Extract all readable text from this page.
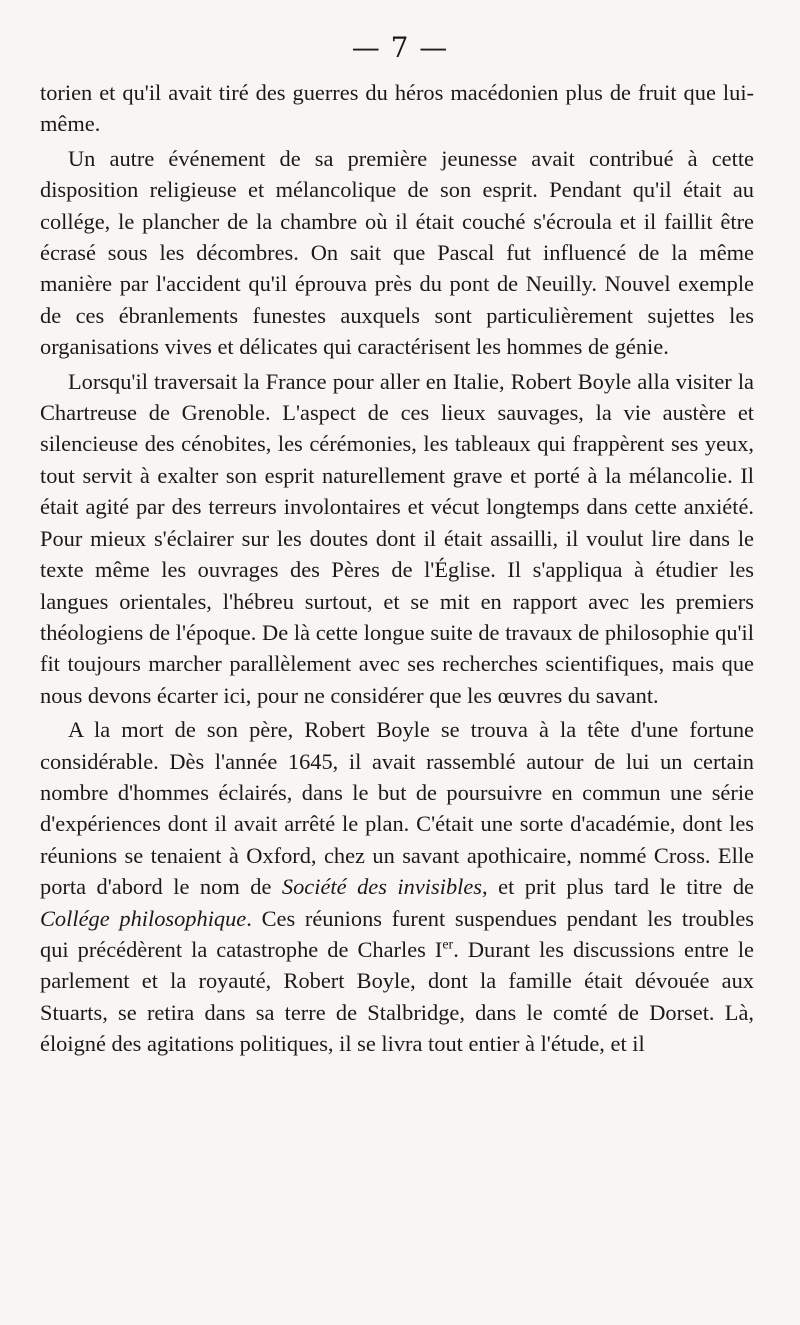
— 7 —

torien et qu'il avait tiré des guerres du héros macédonien plus de fruit que lui-même.

Un autre événement de sa première jeunesse avait contribué à cette disposition religieuse et mélancolique de son esprit. Pendant qu'il était au collége, le plancher de la chambre où il était couché s'écroula et il faillit être écrasé sous les décombres. On sait que Pascal fut influencé de la même manière par l'accident qu'il éprouva près du pont de Neuilly. Nouvel exemple de ces ébranlements funestes auxquels sont particulièrement sujettes les organisations vives et délicates qui caractérisent les hommes de génie.

Lorsqu'il traversait la France pour aller en Italie, Robert Boyle alla visiter la Chartreuse de Grenoble. L'aspect de ces lieux sauvages, la vie austère et silencieuse des cénobites, les cérémonies, les tableaux qui frappèrent ses yeux, tout servit à exalter son esprit naturellement grave et porté à la mélancolie. Il était agité par des terreurs involontaires et vécut longtemps dans cette anxiété. Pour mieux s'éclairer sur les doutes dont il était assailli, il voulut lire dans le texte même les ouvrages des Pères de l'Église. Il s'appliqua à étudier les langues orientales, l'hébreu surtout, et se mit en rapport avec les premiers théologiens de l'époque. De là cette longue suite de travaux de philosophie qu'il fit toujours marcher parallèlement avec ses recherches scientifiques, mais que nous devons écarter ici, pour ne considérer que les œuvres du savant.

A la mort de son père, Robert Boyle se trouva à la tête d'une fortune considérable. Dès l'année 1645, il avait rassemblé autour de lui un certain nombre d'hommes éclairés, dans le but de poursuivre en commun une série d'expériences dont il avait arrêté le plan. C'était une sorte d'académie, dont les réunions se tenaient à Oxford, chez un savant apothicaire, nommé Cross. Elle porta d'abord le nom de Société des invisibles, et prit plus tard le titre de Collége philosophique. Ces réunions furent suspendues pendant les troubles qui précédèrent la catastrophe de Charles Ier. Durant les discussions entre le parlement et la royauté, Robert Boyle, dont la famille était dévouée aux Stuarts, se retira dans sa terre de Stalbridge, dans le comté de Dorset. Là, éloigné des agitations politiques, il se livra tout entier à l'étude, et il
